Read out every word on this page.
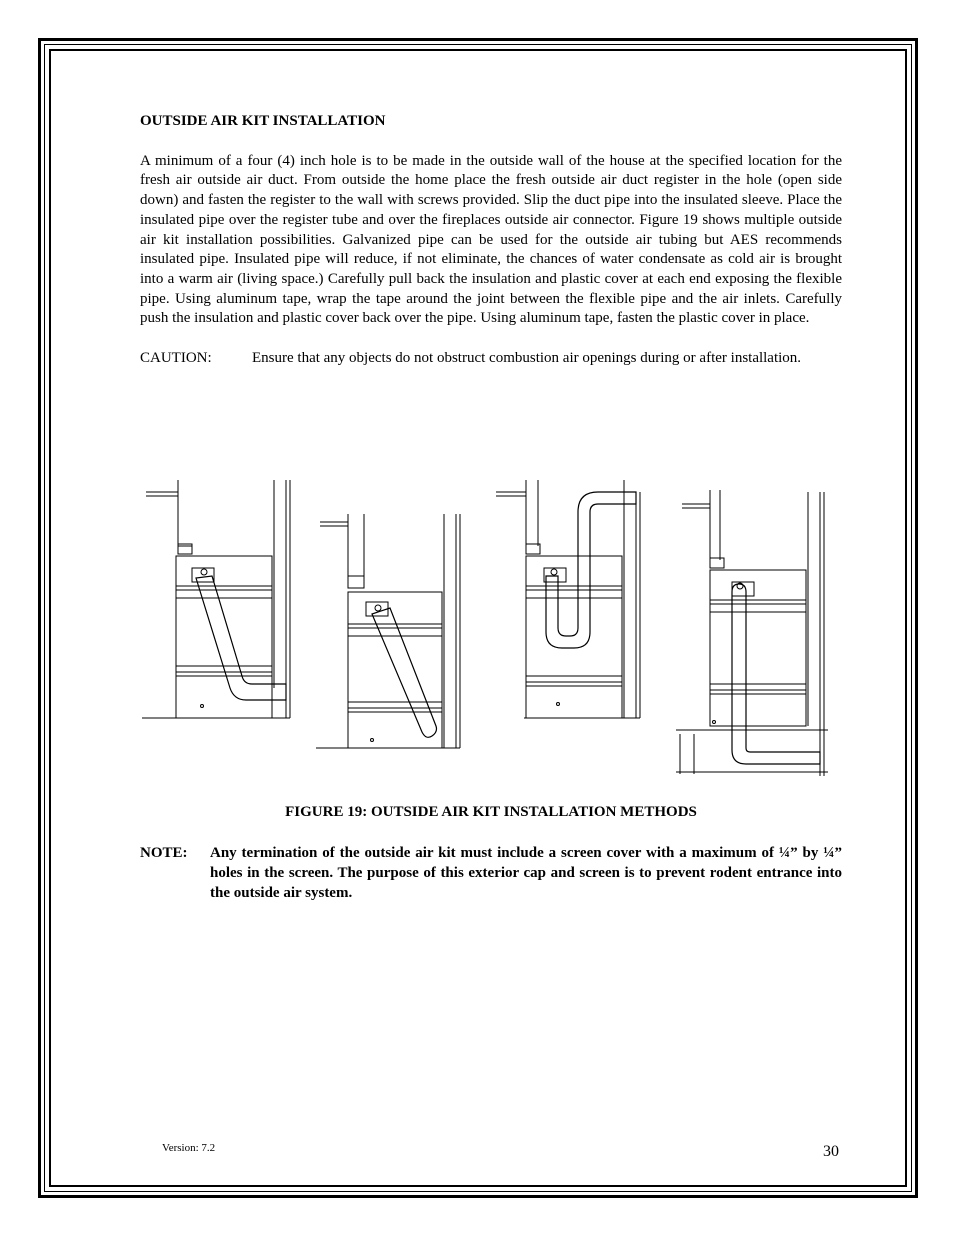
OUTSIDE AIR KIT INSTALLATION

A minimum of a four (4) inch hole is to be made in the outside wall of the house at the specified location for the fresh air outside air duct. From outside the home place the fresh outside air duct register in the hole (open side down) and fasten the register to the wall with screws provided. Slip the duct pipe into the insulated sleeve. Place the insulated pipe over the register tube and over the fireplaces outside air connector. Figure 19 shows multiple outside air kit installation possibilities. Galvanized pipe can be used for the outside air tubing but AES recommends insulated pipe. Insulated pipe will reduce, if not eliminate, the chances of water condensate as cold air is brought into a warm air (living space.) Carefully pull back the insulation and plastic cover at each end exposing the flexible pipe. Using aluminum tape, wrap the tape around the joint between the flexible pipe and the air inlets. Carefully push the insulation and plastic cover back over the pipe. Using aluminum tape, fasten the plastic cover in place.

CAUTION:	Ensure that any objects do not obstruct combustion air openings during or after installation.
FIGURE 19: OUTSIDE AIR KIT INSTALLATION METHODS
NOTE:	Any termination of the outside air kit must include a screen cover with a maximum of ¼” by ¼” holes in the screen. The purpose of this exterior cap and screen is to prevent rodent entrance into the outside air system.
Version: 7.2	30
